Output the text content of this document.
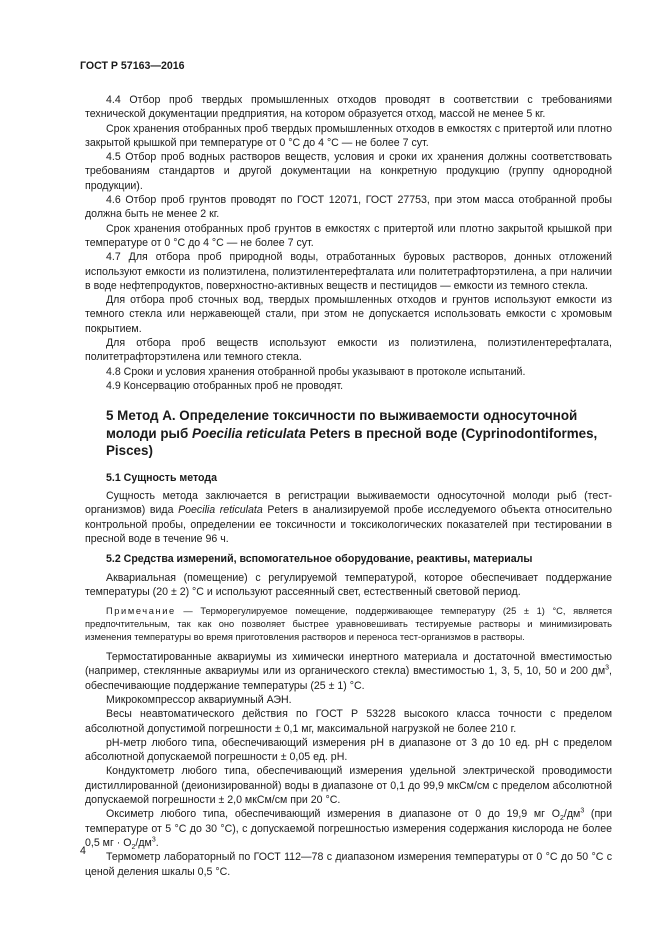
ГОСТ Р 57163—2016

4.4 Отбор проб твердых промышленных отходов проводят в соответствии с требованиями технической документации предприятия, на котором образуется отход, массой не менее 5 кг.

Срок хранения отобранных проб твердых промышленных отходов в емкостях с притертой или плотно закрытой крышкой при температуре от 0 °С до 4 °С — не более 7 сут.

4.5 Отбор проб водных растворов веществ, условия и сроки их хранения должны соответствовать требованиям стандартов и другой документации на конкретную продукцию (группу однородной продукции).

4.6 Отбор проб грунтов проводят по ГОСТ 12071, ГОСТ 27753, при этом масса отобранной пробы должна быть не менее 2 кг.

Срок хранения отобранных проб грунтов в емкостях с притертой или плотно закрытой крышкой при температуре от 0 °С до 4 °С — не более 7 сут.

4.7 Для отбора проб природной воды, отработанных буровых растворов, донных отложений используют емкости из полиэтилена, полиэтилентерефталата или политетрафторэтилена, а при наличии в воде нефтепродуктов, поверхностно-активных веществ и пестицидов — емкости из темного стекла.

Для отбора проб сточных вод, твердых промышленных отходов и грунтов используют емкости из темного стекла или нержавеющей стали, при этом не допускается использовать емкости с хромовым покрытием.

Для отбора проб веществ используют емкости из полиэтилена, полиэтилентерефталата, политетрафторэтилена или темного стекла.

4.8 Сроки и условия хранения отобранной пробы указывают в протоколе испытаний.

4.9 Консервацию отобранных проб не проводят.

5 Метод А. Определение токсичности по выживаемости односуточной молоди рыб Poecilia reticulata Peters в пресной воде (Cyprinodontiformes, Pisces)
5.1 Сущность метода

Сущность метода заключается в регистрации выживаемости односуточной молоди рыб (тест-организмов) вида Poecilia reticulata Peters в анализируемой пробе исследуемого объекта относительно контрольной пробы, определении ее токсичности и токсикологических показателей при тестировании в пресной воде в течение 96 ч.

5.2 Средства измерений, вспомогательное оборудование, реактивы, материалы

Аквариальная (помещение) с регулируемой температурой, которое обеспечивает поддержание температуры (20 ± 2) °С и используют рассеянный свет, естественный световой период.

Примечание — Терморегулируемое помещение, поддерживающее температуру (25 ± 1) °С, является предпочтительным, так как оно позволяет быстрее уравновешивать тестируемые растворы и минимизировать изменения температуры во время приготовления растворов и переноса тест-организмов в растворы.

Термостатированные аквариумы из химически инертного материала и достаточной вместимостью (например, стеклянные аквариумы или из органического стекла) вместимостью 1, 3, 5, 10, 50 и 200 $дм^3$, обеспечивающие поддержание температуры (25 ± 1) °С.

Микрокомпрессор аквариумный АЭН.

Весы неавтоматического действия по ГОСТ Р 53228 высокого класса точности с пределом абсолютной допустимой погрешности ± 0,1 мг, максимальной нагрузкой не более 210 г.

рН-метр любого типа, обеспечивающий измерения рН в диапазоне от 3 до 10 ед. рН с пределом абсолютной допускаемой погрешности ± 0,05 ед. рН.

Кондуктометр любого типа, обеспечивающий измерения удельной электрической проводимости дистиллированной (деионизированной) воды в диапазоне от 0,1 до 99,9 мкСм/см с пределом абсолютной допускаемой погрешности ± 2,0 мкСм/см при 20 °С.

Оксиметр любого типа, обеспечивающий измерения в диапазоне от 0 до 19,9 мг $O_2/дм^3$ (при температуре от 5 °С до 30 °С), с допускаемой погрешностью измерения содержания кислорода не более 0,5 мг · $O_2/дм^3$.

Термометр лабораторный по ГОСТ 112—78 с диапазоном измерения температуры от 0 °С до 50 °С с ценой деления шкалы 0,5 °С.

4
